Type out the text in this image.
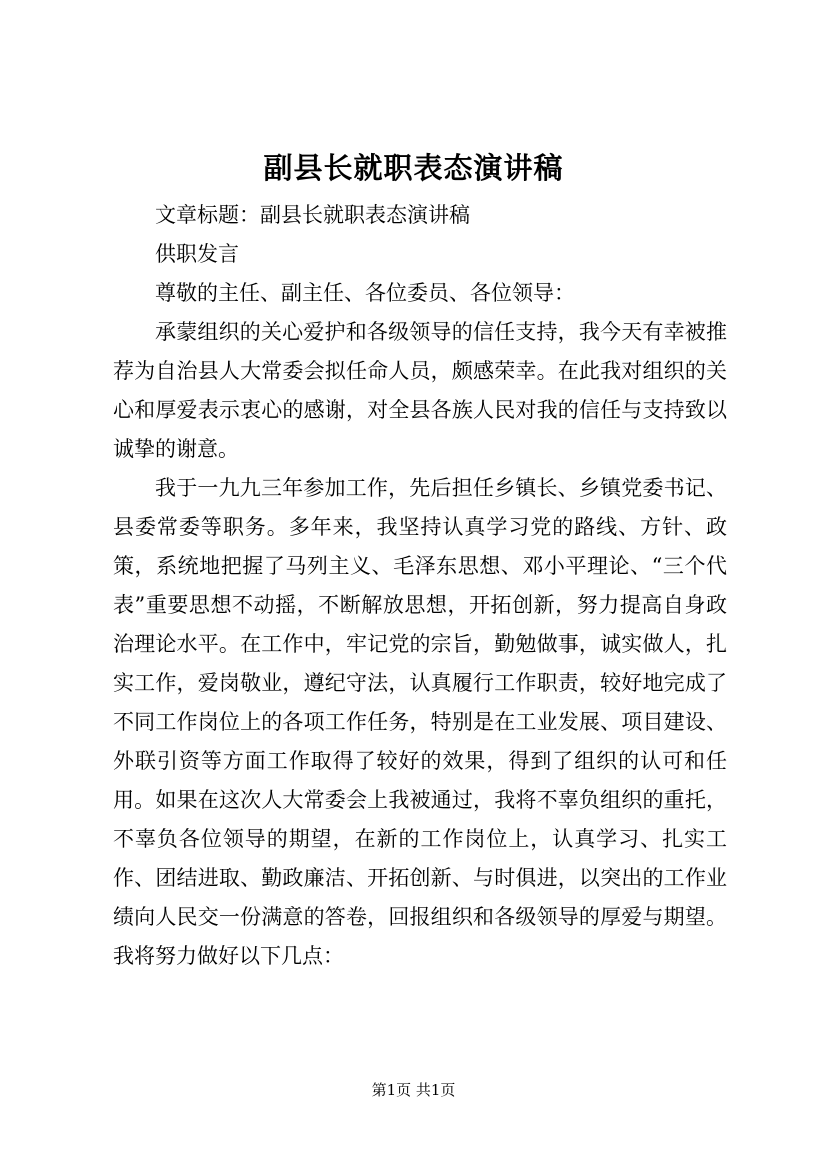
副县长就职表态演讲稿

文章标题：副县长就职表态演讲稿

供职发言

尊敬的主任、副主任、各位委员、各位领导：

承蒙组织的关心爱护和各级领导的信任支持，我今天有幸被推荐为自治县人大常委会拟任命人员，颇感荣幸。在此我对组织的关心和厚爱表示衷心的感谢，对全县各族人民对我的信任与支持致以诚挚的谢意。

我于一九九三年参加工作，先后担任乡镇长、乡镇党委书记、县委常委等职务。多年来，我坚持认真学习党的路线、方针、政策，系统地把握了马列主义、毛泽东思想、邓小平理论、“三个代表”重要思想不动摇，不断解放思想，开拓创新，努力提高自身政治理论水平。在工作中，牢记党的宗旨，勤勉做事，诚实做人，扎实工作，爱岗敬业，遵纪守法，认真履行工作职责，较好地完成了不同工作岗位上的各项工作任务，特别是在工业发展、项目建设、外联引资等方面工作取得了较好的效果，得到了组织的认可和任用。如果在这次人大常委会上我被通过，我将不辜负组织的重托，不辜负各位领导的期望，在新的工作岗位上，认真学习、扎实工作、团结进取、勤政廉洁、开拓创新、与时俱进，以突出的工作业绩向人民交一份满意的答卷，回报组织和各级领导的厚爱与期望。我将努力做好以下几点：

第1页 共1页
